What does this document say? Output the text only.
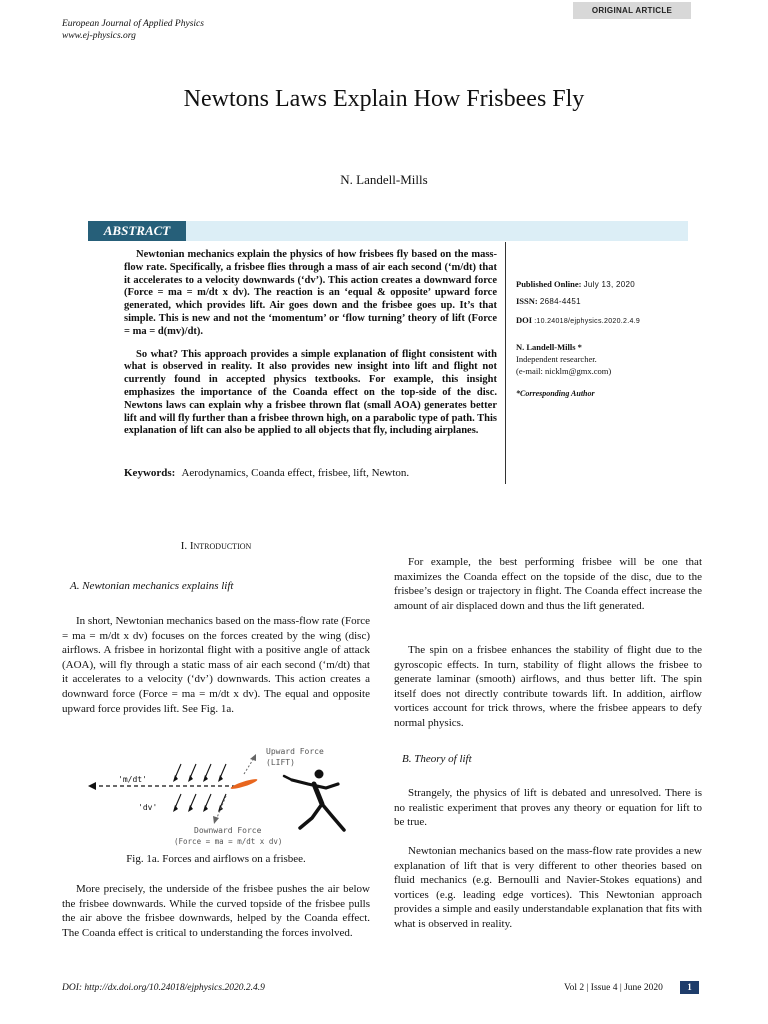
European Journal of Applied Physics
www.ej-physics.org
ORIGINAL ARTICLE
Newtons Laws Explain How Frisbees Fly
N. Landell-Mills
ABSTRACT

Newtonian mechanics explain the physics of how frisbees fly based on the mass-flow rate. Specifically, a frisbee flies through a mass of air each second (‘m/dt) that it accelerates to a velocity downwards (‘dv’). This action creates a downward force (Force = ma = m/dt x dv). The reaction is an ‘equal & opposite’ upward force generated, which provides lift. Air goes down and the frisbee goes up. It’s that simple. This is new and not the ‘momentum’ or ‘flow turning’ theory of lift (Force = ma = d(mv)/dt).

So what? This approach provides a simple explanation of flight consistent with what is observed in reality. It also provides new insight into lift and flight not currently found in accepted physics textbooks. For example, this insight emphasizes the importance of the Coanda effect on the top-side of the disc. Newtons laws can explain why a frisbee thrown flat (small AOA) generates better lift and will fly further than a frisbee thrown high, on a parabolic type of path. This explanation of lift can also be applied to all objects that fly, including airplanes.

Keywords: Aerodynamics, Coanda effect, frisbee, lift, Newton.
Published Online: July 13, 2020
ISSN: 2684-4451
DOI :10.24018/ejphysics.2020.2.4.9
N. Landell-Mills *
Independent researcher.
(e-mail: nicklm@gmx.com)
*Corresponding Author
I. Introduction
A. Newtonian mechanics explains lift

In short, Newtonian mechanics based on the mass-flow rate (Force = ma = m/dt x dv) focuses on the forces created by the wing (disc) airflows. A frisbee in horizontal flight with a positive angle of attack (AOA), will fly through a static mass of air each second (‘m/dt) that it accelerates to a velocity (‘dv’) downwards. This action creates a downward force (Force = ma = m/dt x dv). The equal and opposite upward force provides lift. See Fig. 1a.

'm/dt'
'dv'
Upward Force
(LIFT)
Downward Force
(Force = ma = m/dt x dv)
Fig. 1a. Forces and airflows on a frisbee.

More precisely, the underside of the frisbee pushes the air below the frisbee downwards. While the curved topside of the frisbee pulls the air above the frisbee downwards, helped by the Coanda effect. The Coanda effect is critical to understanding the forces involved.

For example, the best performing frisbee will be one that maximizes the Coanda effect on the topside of the disc, due to the frisbee’s design or trajectory in flight. The Coanda effect increase the amount of air displaced down and thus the lift generated.

The spin on a frisbee enhances the stability of flight due to the gyroscopic effects. In turn, stability of flight allows the frisbee to generate laminar (smooth) airflows, and thus better lift. The spin itself does not directly contribute towards lift. In addition, airflow vortices account for trick throws, where the frisbee appears to defy normal physics.

B. Theory of lift

Strangely, the physics of lift is debated and unresolved. There is no realistic experiment that proves any theory or equation for lift to be true.

Newtonian mechanics based on the mass-flow rate provides a new explanation of lift that is very different to other theories based on fluid mechanics (e.g. Bernoulli and Navier-Stokes equations) and vortices (e.g. leading edge vortices). This Newtonian approach provides a simple and easily understandable explanation that fits with what is observed in reality.

DOI: http://dx.doi.org/10.24018/ejphysics.2020.2.4.9	Vol 2 | Issue 4 | June 2020	1
